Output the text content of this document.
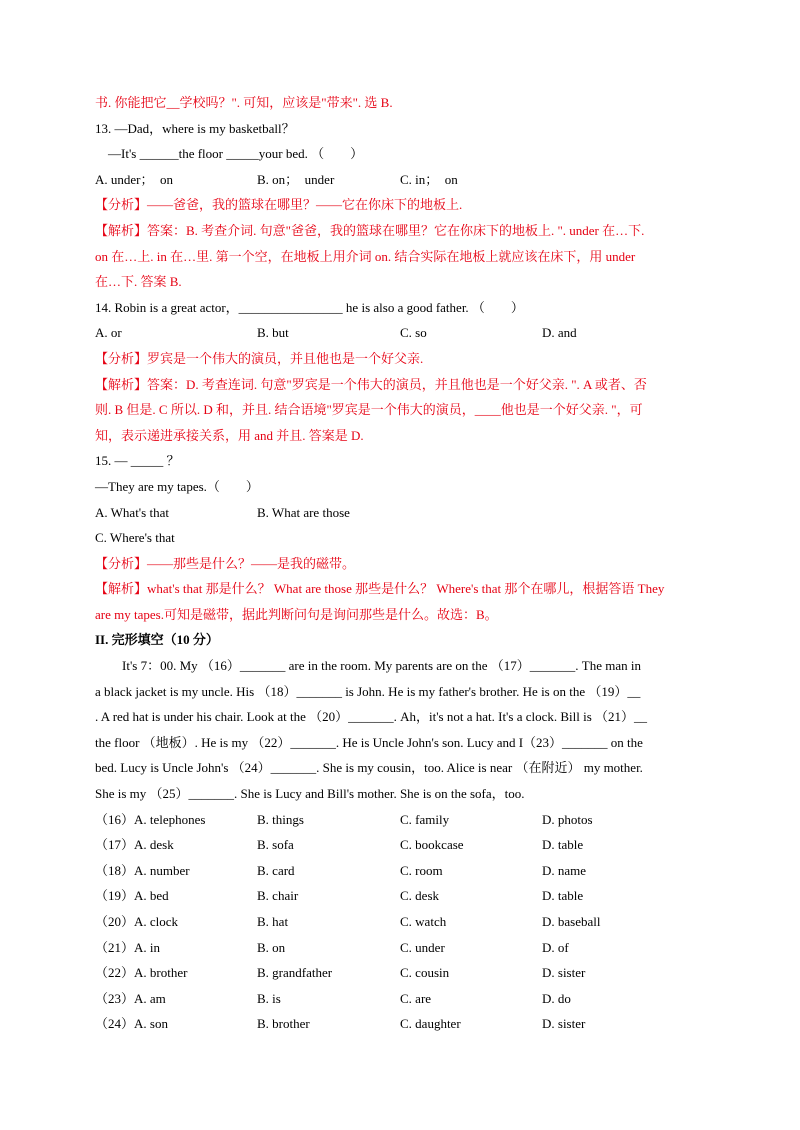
书. 你能把它__学校吗？". 可知，应该是"带来". 选 B.
13. —Dad，where is my basketball？
—It's ______the floor _____your bed. （　　）
A. under；　on	B. on；　under	C. in；　on
【分析】——爸爸，我的篮球在哪里？——它在你床下的地板上.
【解析】答案：B. 考查介词. 句意"爸爸，我的篮球在哪里？它在你床下的地板上. ". under 在…下.
on 在…上. in 在…里. 第一个空，在地板上用介词 on. 结合实际在地板上就应该在床下，用 under
在…下. 答案 B.
14. Robin is a great actor，________________ he is also a good father. （　　）
A. or	B. but	C. so	D. and
【分析】罗宾是一个伟大的演员，并且他也是一个好父亲.
【解析】答案：D. 考查连词. 句意"罗宾是一个伟大的演员，并且他也是一个好父亲. ". A 或者、否
则. B 但是. C 所以. D 和，并且. 结合语境"罗宾是一个伟大的演员，____他也是一个好父亲. "，可
知，表示递进承接关系，用 and 并且. 答案是 D.
15. — _____ ？
—They are my tapes.（　　）
A. What's that	B. What are those
C. Where's that
【分析】——那些是什么？——是我的磁带。
【解析】what's that 那是什么？ What are those 那些是什么？ Where's that 那个在哪儿，根据答语 They
are my tapes.可知是磁带，据此判断问句是询问那些是什么。故选：B。
II. 完形填空（10 分）
It's 7：00. My （16）_______ are in the room. My parents are on the （17）_______. The man in
a black jacket is my uncle. His （18）_______ is John. He is my father's brother. He is on the （19）__
. A red hat is under his chair. Look at the （20）_______. Ah，it's not a hat. It's a clock. Bill is （21）__
the floor （地板）. He is my （22）_______. He is Uncle John's son. Lucy and I（23）_______ on the
bed. Lucy is Uncle John's （24）_______. She is my cousin，too. Alice is near （在附近） my mother.
She is my （25）_______. She is Lucy and Bill's mother. She is on the sofa，too.
（16）A. telephones	B. things	C. family	D. photos
（17）A. desk	B. sofa	C. bookcase	D. table
（18）A. number	B. card	C. room	D. name
（19）A. bed	B. chair	C. desk	D. table
（20）A. clock	B. hat	C. watch	D. baseball
（21）A. in	B. on	C. under	D. of
（22）A. brother	B. grandfather	C. cousin	D. sister
（23）A. am	B. is	C. are	D. do
（24）A. son	B. brother	C. daughter	D. sister
